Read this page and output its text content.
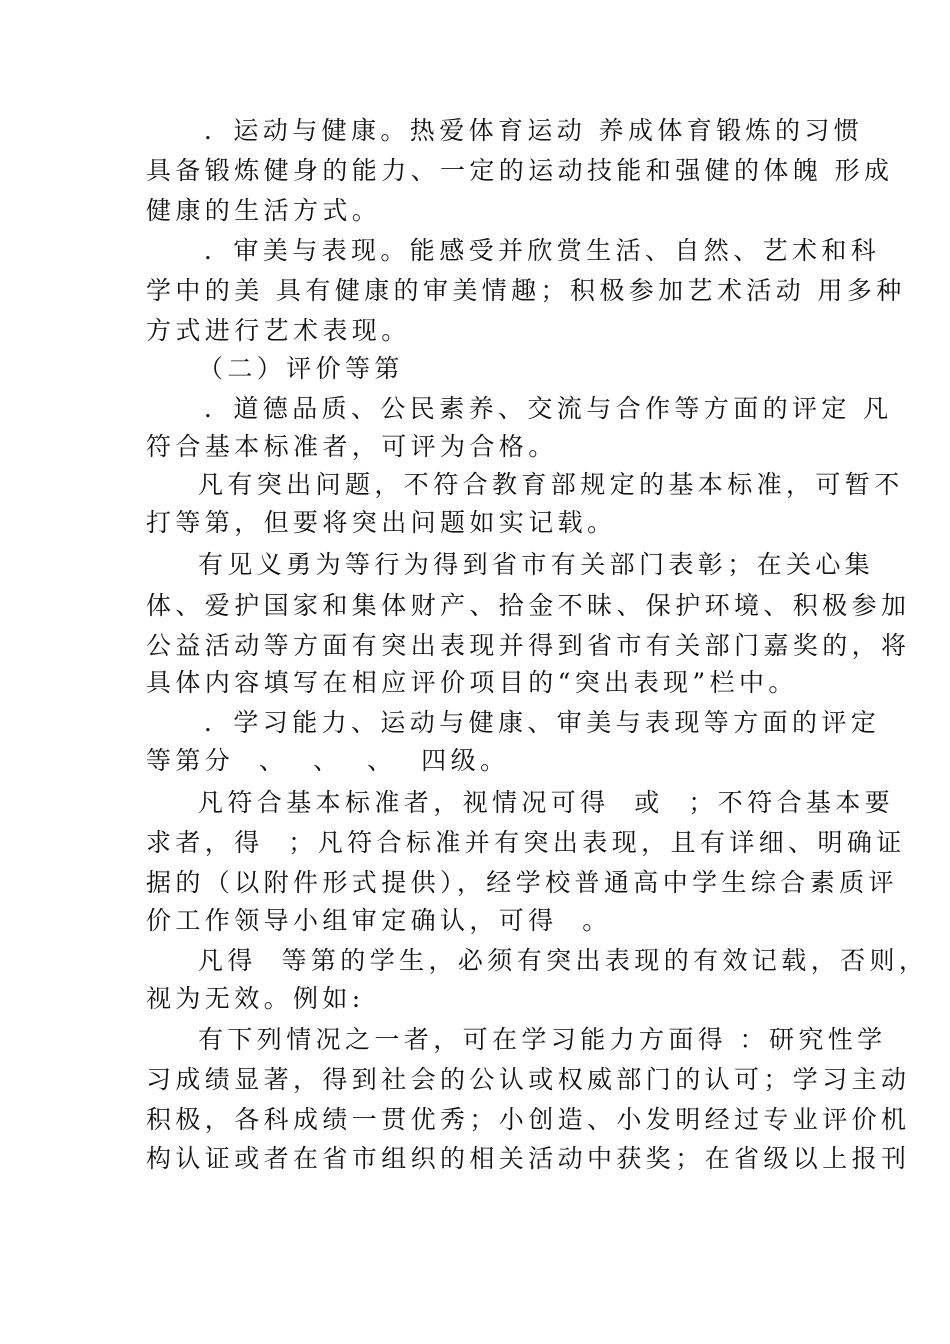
．运动与健康。热爱体育运动 养成体育锻炼的习惯
具备锻炼健身的能力、一定的运动技能和强健的体魄 形成
健康的生活方式。
．审美与表现。能感受并欣赏生活、自然、艺术和科
学中的美 具有健康的审美情趣；积极参加艺术活动 用多种
方式进行艺术表现。
（二）评价等第
．道德品质、公民素养、交流与合作等方面的评定 凡
符合基本标准者，可评为合格。
凡有突出问题，不符合教育部规定的基本标准，可暂不
打等第，但要将突出问题如实记载。
有见义勇为等行为得到省市有关部门表彰；在关心集
体、爱护国家和集体财产、拾金不昧、保护环境、积极参加
公益活动等方面有突出表现并得到省市有关部门嘉奖的，将
具体内容填写在相应评价项目的“突出表现”栏中。
．学习能力、运动与健康、审美与表现等方面的评定
等第分  、  、  、  四级。
凡符合基本标准者，视情况可得  或  ；不符合基本要
求者，得  ；凡符合标准并有突出表现，且有详细、明确证
据的（以附件形式提供），经学校普通高中学生综合素质评
价工作领导小组审定确认，可得  。
凡得  等第的学生，必须有突出表现的有效记载，否则，
视为无效。例如:
有下列情况之一者，可在学习能力方面得 ：研究性学
习成绩显著，得到社会的公认或权威部门的认可；学习主动
积极，各科成绩一贯优秀；小创造、小发明经过专业评价机
构认证或者在省市组织的相关活动中获奖；在省级以上报刊
